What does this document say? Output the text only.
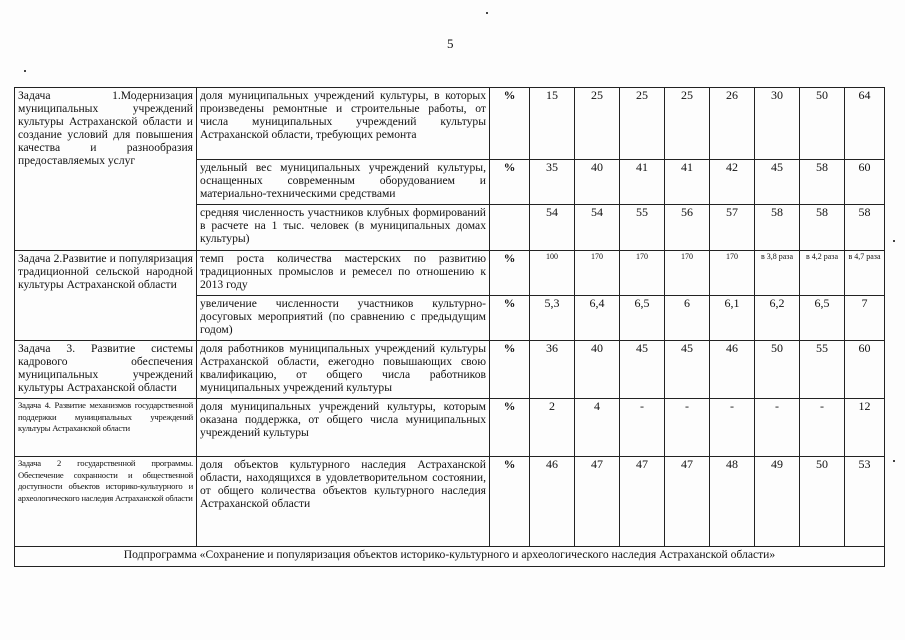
5
Задача 1.Модернизация муниципальных учреждений культуры Астраханской области и создание условий для повышения качества и разнообразия предоставляемых услуг	доля муниципальных учреждений культуры, в которых произведены ремонтные и строительные работы, от числа муниципальных учреждений культуры Астраханской области, требующих ремонта	%	15	25	25	25	26	30	50	64
	удельный вес муниципальных учреждений культуры, оснащенных современным оборудованием и материально-техническими средствами	%	35	40	41	41	42	45	58	60
	средняя численность участников клубных формирований в расчете на 1 тыс. человек (в муниципальных домах культуры)		54	54	55	56	57	58	58	58
Задача 2.Развитие и популяризация традиционной сельской народной культуры Астраханской области	темп роста количества мастерских по развитию традиционных промыслов и ремесел по отношению к 2013 году	%	100	170	170	170	170	в 3,8 раза	в 4,2 раза	в 4,7 раза
	увеличение численности участников культурно-досуговых мероприятий (по сравнению с предыдущим годом)	%	5,3	6,4	6,5	6	6,1	6,2	6,5	7
Задача 3. Развитие системы кадрового обеспечения муниципальных учреждений культуры Астраханской области	доля работников муниципальных учреждений культуры Астраханской области, ежегодно повышающих свою квалификацию, от общего числа работников муниципальных учреждений культуры	%	36	40	45	45	46	50	55	60
Задача 4. Развитие механизмов государственной поддержки муниципальных учреждений культуры Астраханской области	доля муниципальных учреждений культуры, которым оказана поддержка, от общего числа муниципальных учреждений культуры	%	2	4	-	-	-	-	-	12
Задача 2 государственной программы. Обеспечение сохранности и общественной доступности объектов историко-культурного и археологического наследия Астраханской области	доля объектов культурного наследия Астраханской области, находящихся в удовлетворительном состоянии, от общего количества объектов культурного наследия Астраханской области	%	46	47	47	47	48	49	50	53
Подпрограмма «Сохранение и популяризация объектов историко-культурного и археологического наследия Астраханской области»										
